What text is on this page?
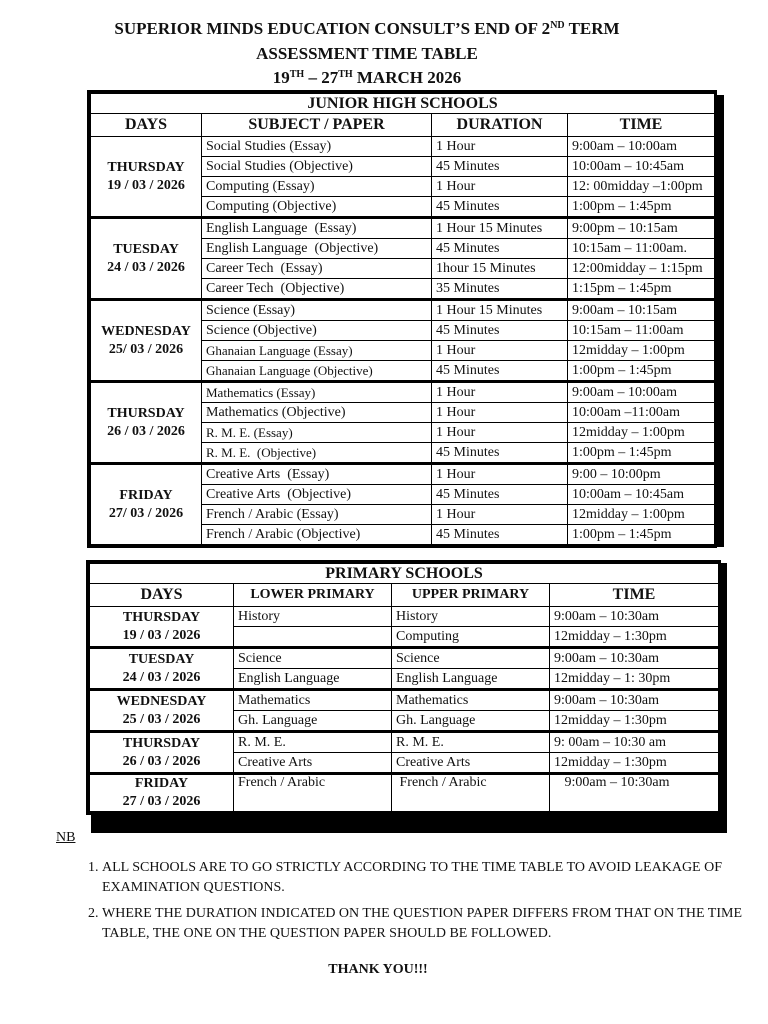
SUPERIOR MINDS EDUCATION CONSULT’S END OF 2ND TERM
ASSESSMENT TIME TABLE
19TH – 27TH MARCH 2026
JUNIOR HIGH SCHOOLS			
DAYS	SUBJECT / PAPER	DURATION	TIME

THURSDAY
19 / 03 / 2026	Social Studies (Essay)	1 Hour	9:00am – 10:00am
	Social Studies (Objective)	45 Minutes	10:00am – 10:45am
	Computing (Essay)	1 Hour	12: 00midday –1:00pm
	Computing (Objective)	45 Minutes	1:00pm – 1:45pm

TUESDAY
24 / 03 / 2026	English Language  (Essay)	1 Hour 15 Minutes	9:00pm – 10:15am
	English Language  (Objective)	45 Minutes	10:15am – 11:00am.
	Career Tech  (Essay)	1hour 15 Minutes	12:00midday – 1:15pm
	Career Tech  (Objective)	35 Minutes	1:15pm – 1:45pm

WEDNESDAY
25/ 03 / 2026	Science (Essay)	1 Hour 15 Minutes	9:00am – 10:15am
	Science (Objective)	45 Minutes	10:15am – 11:00am
	Ghanaian Language (Essay)	1 Hour	12midday – 1:00pm
	Ghanaian Language (Objective)	45 Minutes	1:00pm – 1:45pm

THURSDAY
26 / 03 / 2026	Mathematics (Essay)	1 Hour	9:00am – 10:00am
	Mathematics (Objective)	1 Hour	10:00am –11:00am
	R. M. E. (Essay)	1 Hour	12midday – 1:00pm
	R. M. E.  (Objective)	45 Minutes	1:00pm – 1:45pm

FRIDAY
27/ 03 / 2026	Creative Arts  (Essay)	1 Hour	9:00 – 10:00pm
	Creative Arts  (Objective)	45 Minutes	10:00am – 10:45am
	French / Arabic (Essay)	1 Hour	12midday – 1:00pm
	French / Arabic (Objective)	45 Minutes	1:00pm – 1:45pm
PRIMARY SCHOOLS			
DAYS	LOWER PRIMARY	UPPER PRIMARY	TIME

THURSDAY
19 / 03 / 2026	History	History	9:00am – 10:30am
		Computing	12midday – 1:30pm

TUESDAY
24 / 03 / 2026	Science	Science	9:00am – 10:30am
	English Language	English Language	12midday – 1: 30pm

WEDNESDAY
25 / 03 / 2026	Mathematics	Mathematics	9:00am – 10:30am
	Gh. Language	Gh. Language	12midday – 1:30pm

THURSDAY
26 / 03 / 2026	R. M. E.	R. M. E.	9: 00am – 10:30 am
	Creative Arts	Creative Arts	12midday – 1:30pm

FRIDAY
27 / 03 / 2026	French / Arabic	French / Arabic	9:00am – 10:30am
NB
1. ALL SCHOOLS ARE TO GO STRICTLY ACCORDING TO THE TIME TABLE TO AVOID LEAKAGE OF EXAMINATION QUESTIONS.
2. WHERE THE DURATION INDICATED ON THE QUESTION PAPER DIFFERS FROM THAT ON THE TIME TABLE, THE ONE ON THE QUESTION PAPER SHOULD BE FOLLOWED.
THANK YOU!!!
